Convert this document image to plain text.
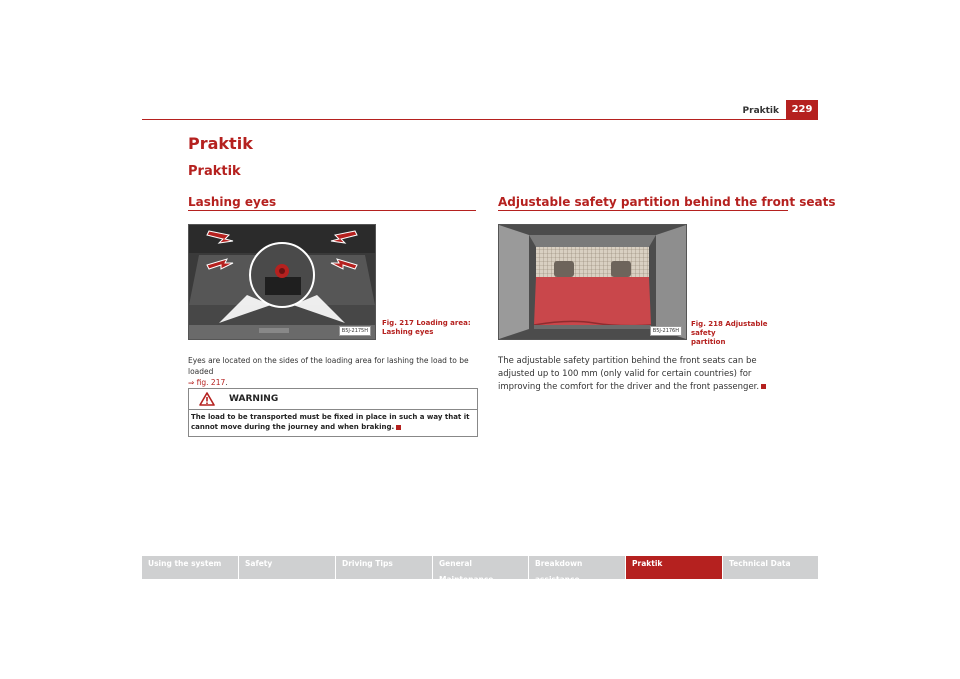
Praktik	229
Praktik
Praktik
Lashing eyes
B5J-2175H
Fig. 217 Loading area:
Lashing eyes
Eyes are located on the sides of the loading area for lashing the load to be loaded
⇒ fig. 217.
WARNING
The load to be transported must be fixed in place in such a way that it cannot move during the journey and when braking.
Adjustable safety partition behind the front seats
B5J-2176H
Fig. 218 Adjustable safety
partition
The adjustable safety partition behind the front seats can be adjusted up to 100 mm (only valid for certain countries) for improving the comfort for the driver and the front passenger.
Using the system	Safety	Driving Tips	General Maintenance
Breakdown assistance
Praktik	Technical Data
